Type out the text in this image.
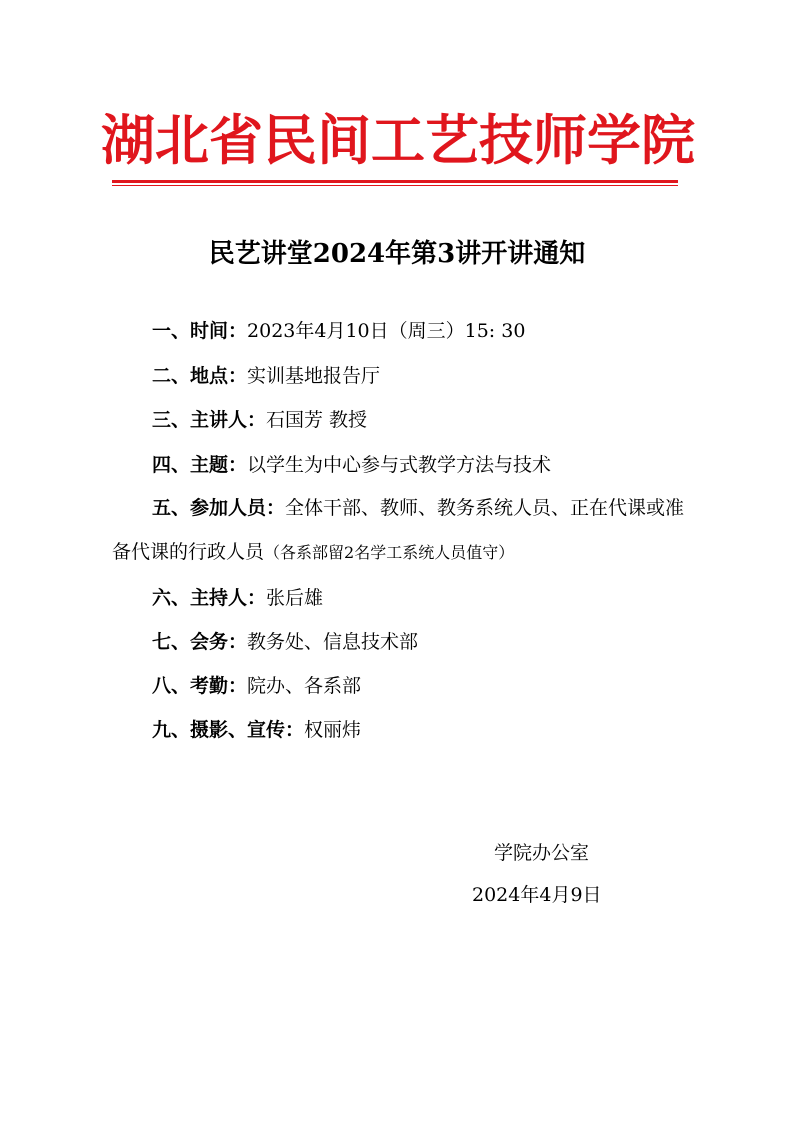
湖北省民间工艺技师学院
民艺讲堂2024年第3讲开讲通知
一、时间：2023年4月10日（周三）15: 30
二、地点：实训基地报告厅
三、主讲人：石国芳 教授
四、主题：以学生为中心参与式教学方法与技术
五、参加人员：全体干部、教师、教务系统人员、正在代课或准备代课的行政人员（各系部留2名学工系统人员值守）
六、主持人：张后雄
七、会务：教务处、信息技术部
八、考勤：院办、各系部
九、摄影、宣传：权丽炜
学院办公室
2024年4月9日
